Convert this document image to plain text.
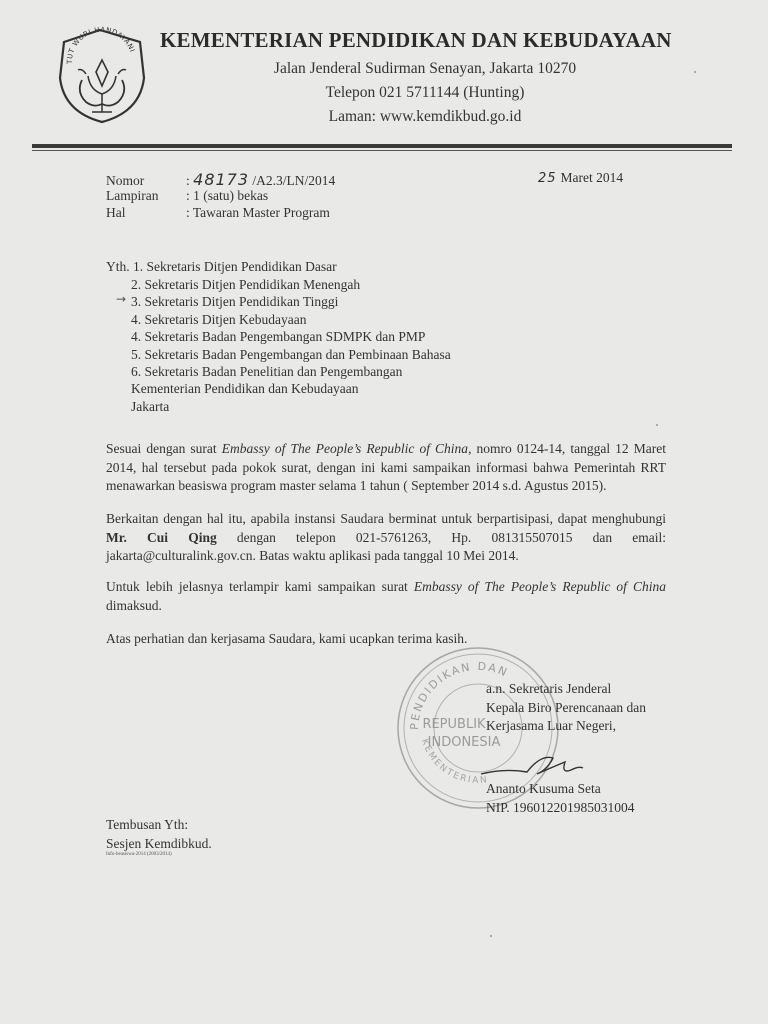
TUT WURI HANDAYANI KEMENTERIAN PENDIDIKAN DAN KEBUDAYAAN
Jalan Jenderal Sudirman Senayan, Jakarta 10270
Telepon 021 5711144 (Hunting)
Laman: www.kemdikbud.go.id
Nomor	: 48173 /A2.3/LN/2014
Lampiran : 1 (satu) bekas
Hal	: Tawaran Master Program
25 Maret 2014
Yth. 1. Sekretaris Ditjen Pendidikan Dasar
2. Sekretaris Ditjen Pendidikan Menengah
3. Sekretaris Ditjen Pendidikan Tinggi
4. Sekretaris Ditjen Kebudayaan
4. Sekretaris Badan Pengembangan SDMPK dan PMP
5. Sekretaris Badan Pengembangan dan Pembinaan Bahasa
6. Sekretaris Badan Penelitian dan Pengembangan
→
Kementerian Pendidikan dan Kebudayaan
Jakarta

Sesuai dengan surat Embassy of The People’s Republic of China, nomro 0124-14, tanggal 12 Maret 2014, hal tersebut pada pokok surat, dengan ini kami sampaikan informasi bahwa Pemerintah RRT menawarkan beasiswa program master selama 1 tahun ( September 2014 s.d. Agustus 2015).

Berkaitan dengan hal itu, apabila instansi Saudara berminat untuk berpartisipasi, dapat menghubungi Mr. Cui Qing dengan telepon 021-5761263, Hp. 081315507015 dan email: jakarta@culturalink.gov.cn. Batas waktu aplikasi pada tanggal 10 Mei 2014.

Untuk lebih jelasnya terlampir kami sampaikan surat Embassy of The People’s Republic of China dimaksud.

Atas perhatian dan kerjasama Saudara, kami ucapkan terima kasih.

PENDIDIKAN DAN
KEMENTERIAN
REPUBLIK
INDONESIA
a.n. Sekretaris Jenderal
Kepala Biro Perencanaan dan
Kerjasama Luar Negeri,
Ananto Kusuma Seta
NIP. 196012201985031004
Tembusan Yth:
Sesjen Kemdibkud.
Info-beasiswa-2014 (2003/2014)
